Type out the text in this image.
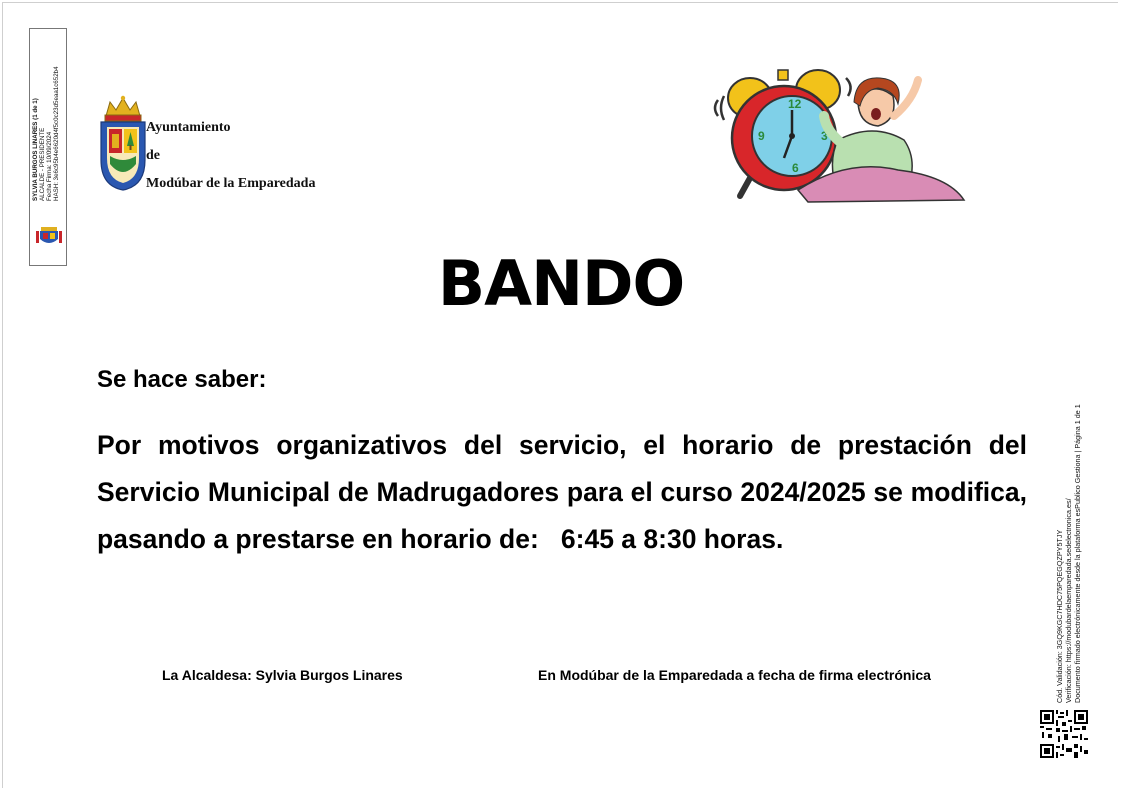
SYLVIA BURGOS LINARES (1 de 1) ALCALDE - PRESIDENTE Fecha Firma: 10/09/2024 HASH: 3e6c95b4e6620d4f5c0c23d5eaa1c652b4	Ayuntamiento
de
Modúbar de la Emparedada
12
3
6
9
BANDO
Se hace saber:
Por motivos organizativos del servicio, el horario de prestación del Servicio Municipal de Madrugadores para el curso 2024/2025 se modifica, pasando a prestarse en horario de: 6:45 a 8:30 horas.
La Alcaldesa: Sylvia Burgos Linares	En Modúbar de la Emparedada a fecha de firma electrónica	Cód. Validación: 3GQ9KGC7HDC75PQEGQZPY5TJY Verificación: https://modubardelaemparedada.sedelectronica.es/ Documento firmado electrónicamente desde la plataforma esPublico Gestiona | Página 1 de 1
